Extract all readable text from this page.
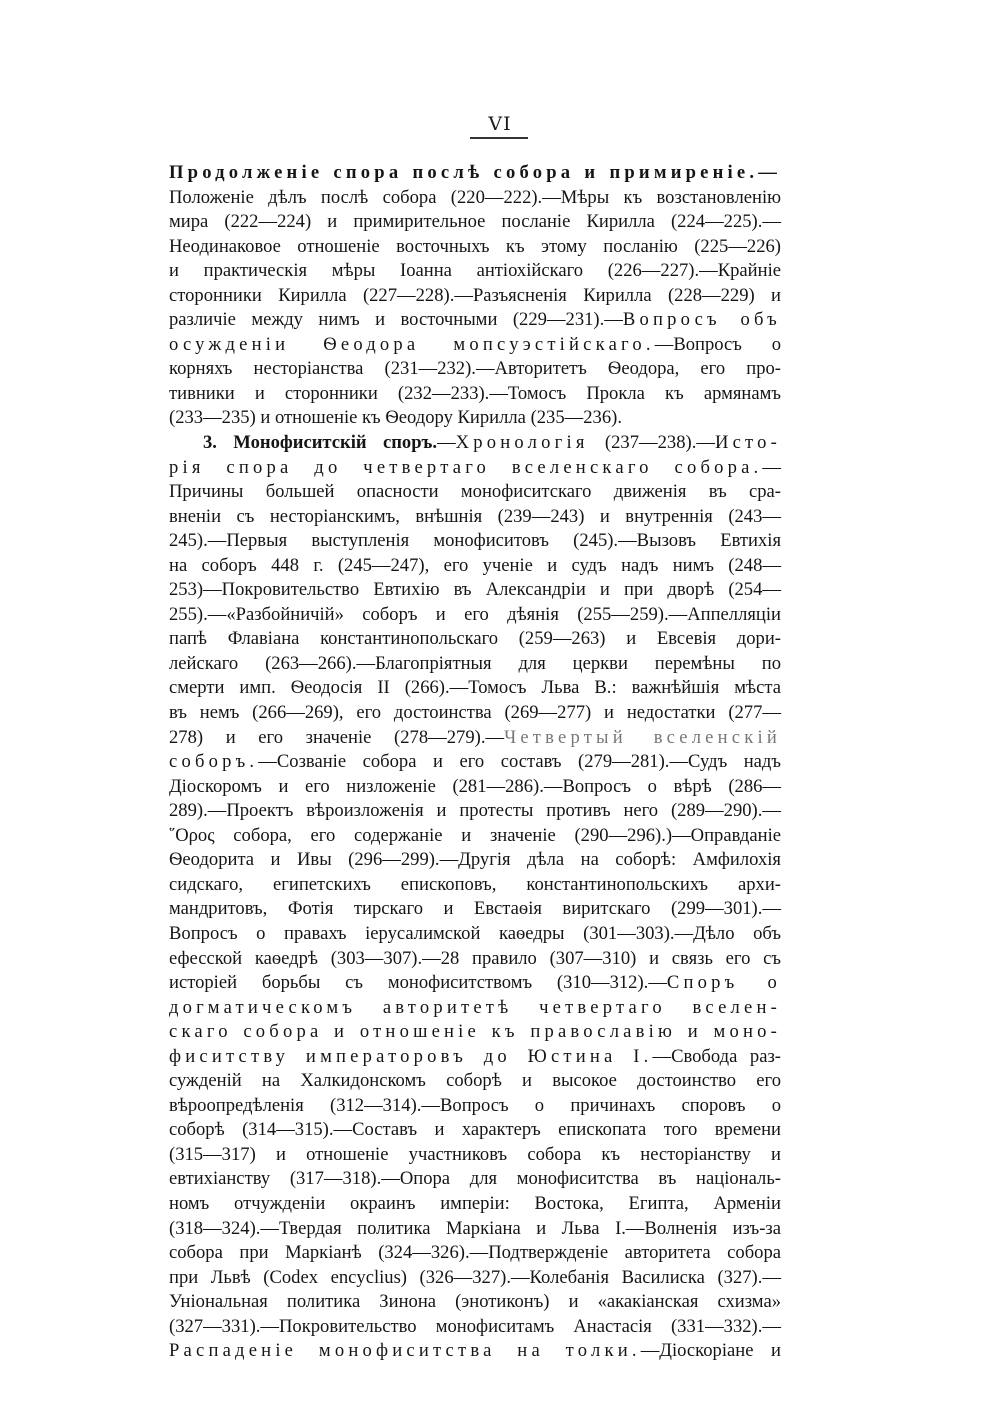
VI
Продолженіе спора послѣ собора и примиреніе.—
Положеніе дѣлъ послѣ собора (220—222).—Мѣры къ возстановленію
мира (222—224) и примирительное посланіе Кирилла (224—225).—
Неодинаковое отношеніе восточныхъ къ этому посланію (225—226)
и практическія мѣры Іоанна антіохійскаго (226—227).—Крайніе
сторонники Кирилла (227—228).—Разъясненія Кирилла (228—229) и
различіе между нимъ и восточными (229—231).—Вопросъ объ
осужденіи Ѳеодора мопсуэстійскаго.—Вопросъ о
корняхъ несторіанства (231—232).—Авторитетъ Ѳеодора, его про-
тивники и сторонники (232—233).—Томосъ Прокла къ армянамъ
(233—235) и отношеніе къ Ѳеодору Кирилла (235—236).
3. Монофиситскій споръ.—Хронологія (237—238).—Исто-
рія спора до четвертаго вселенскаго собора.—
Причины большей опасности монофиситскаго движенія въ сра-
вненіи съ несторіанскимъ, внѣшнія (239—243) и внутреннія (243—
245).—Первыя выступленія монофиситовъ (245).—Вызовъ Евтихія
на соборъ 448 г. (245—247), его ученіе и судъ надъ нимъ (248—
253)—Покровительство Евтихію въ Александріи и при дворѣ (254—
255).—«Разбойничій» соборъ и его дѣянія (255—259).—Аппелляціи
папѣ Флавіана константинопольскаго (259—263) и Евсевія дори-
лейскаго (263—266).—Благопріятныя для церкви перемѣны по
смерти имп. Ѳеодосія II (266).—Томосъ Льва В.: важнѣйшія мѣста
въ немъ (266—269), его достоинства (269—277) и недостатки (277—
278) и его значеніе (278—279).—Четвертый вселенскій
соборъ.—Созваніе собора и его составъ (279—281).—Судъ надъ
Діоскоромъ и его низложеніе (281—286).—Вопросъ о вѣрѣ (286—
289).—Проектъ вѣроизложенія и протесты противъ него (289—290).—
῞Ορος собора, его содержаніе и значеніе (290—296).)—Оправданіе
Ѳеодорита и Ивы (296—299).—Другія дѣла на соборѣ: Амфилохія
сидскаго, египетскихъ епископовъ, константинопольскихъ архи-
мандритовъ, Фотія тирскаго и Евстаѳія виритскаго (299—301).—
Вопросъ о правахъ іерусалимской каѳедры (301—303).—Дѣло объ
ефесской каѳедрѣ (303—307).—28 правило (307—310) и связь его съ
исторіей борьбы съ монофиситствомъ (310—312).—Споръ о
догматическомъ авторитетѣ четвертаго вселен-
скаго собора и отношеніе къ православію и моно-
фиситству императоровъ до Юстина I.—Свобода раз-
сужденій на Халкидонскомъ соборѣ и высокое достоинство его
вѣроопредѣленія (312—314).—Вопросъ о причинахъ споровъ о
соборѣ (314—315).—Составъ и характеръ епископата того времени
(315—317) и отношеніе участниковъ собора къ несторіанству и
евтихіанству (317—318).—Опора для монофиситства въ національ-
номъ отчужденіи окраинъ имперіи: Востока, Египта, Арменіи
(318—324).—Твердая политика Маркіана и Льва I.—Волненія изъ-за
собора при Маркіанѣ (324—326).—Подтвержденіе авторитета собора
при Львѣ (Codex encyclius) (326—327).—Колебанія Василиска (327).—
Уніональная политика Зинона (энотиконъ) и «акакіанская схизма»
(327—331).—Покровительство монофиситамъ Анастасія (331—332).—
Распаденіе монофиситства на толки.—Діоскоріане и
